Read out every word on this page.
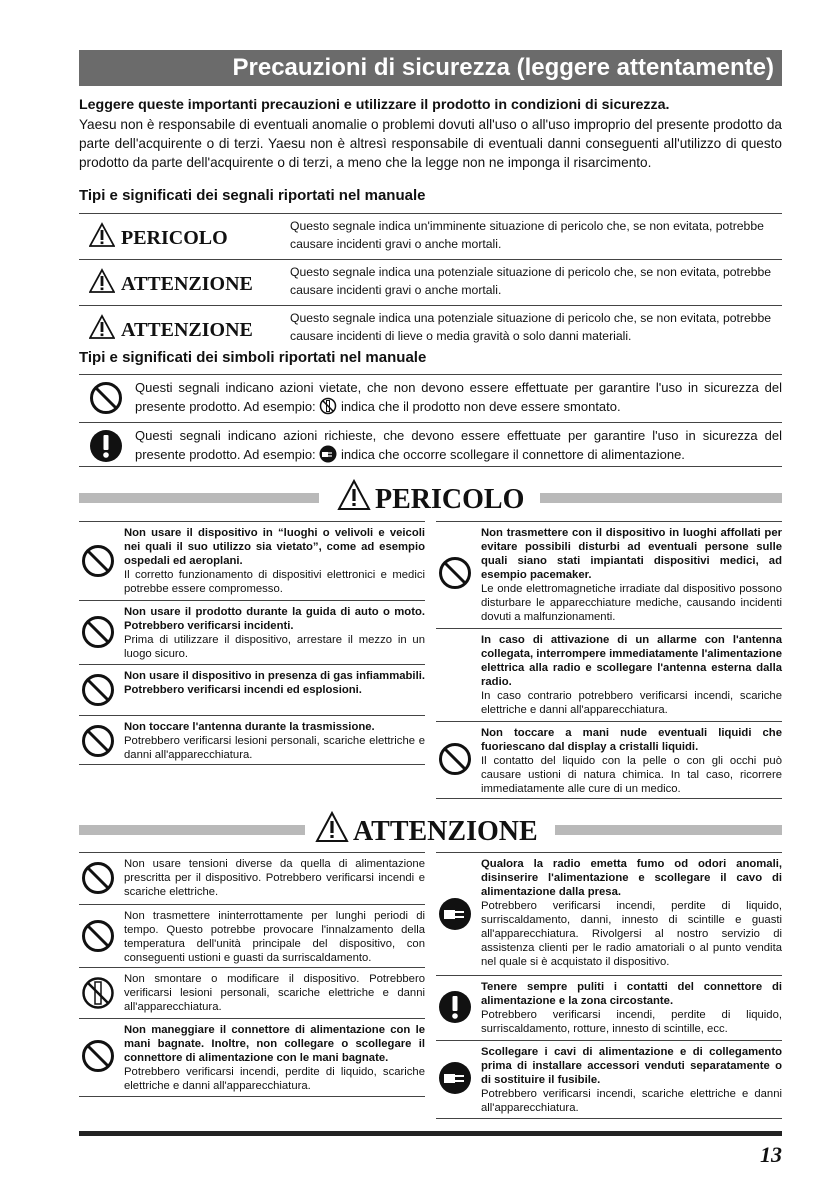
Precauzioni di sicurezza (leggere attentamente)
Leggere queste importanti precauzioni e utilizzare il prodotto in condizioni di sicurezza.
Yaesu non è responsabile di eventuali anomalie o problemi dovuti all'uso o all'uso improprio del presente prodotto da parte dell'acquirente o di terzi. Yaesu non è altresì responsabile di eventuali danni conseguenti all'utilizzo di questo prodotto da parte dell'acquirente o di terzi, a meno che la legge non ne imponga il risarcimento.
Tipi e significati dei segnali riportati nel manuale
PERICOLO	Questo segnale indica un'imminente situazione di pericolo che, se non evitata, potrebbe causare incidenti gravi o anche mortali.
ATTENZIONE	Questo segnale indica una potenziale situazione di pericolo che, se non evitata, potrebbe causare incidenti gravi o anche mortali.
ATTENZIONE	Questo segnale indica una potenziale situazione di pericolo che, se non evitata, potrebbe causare incidenti di lieve o media gravità o solo danni materiali.
Tipi e significati dei simboli riportati nel manuale
Questi segnali indicano azioni vietate, che non devono essere effettuate per garantire l'uso in sicurezza del presente prodotto. Ad esempio: indica che il prodotto non deve essere smontato.
Questi segnali indicano azioni richieste, che devono essere effettuate per garantire l'uso in sicurezza del presente prodotto. Ad esempio: indica che occorre scollegare il connettore di alimentazione.
PERICOLO
Non usare il dispositivo in “luoghi o velivoli e veicoli nei quali il suo utilizzo sia vietato”, come ad esempio ospedali ed aeroplani.
Il corretto funzionamento di dispositivi elettronici e medici potrebbe essere compromesso.
Non usare il prodotto durante la guida di auto o moto. Potrebbero verificarsi incidenti.
Prima di utilizzare il dispositivo, arrestare il mezzo in un luogo sicuro.
Non usare il dispositivo in presenza di gas infiammabili. Potrebbero verificarsi incendi ed esplosioni.
Non toccare l'antenna durante la trasmissione.
Potrebbero verificarsi lesioni personali, scariche elettriche e danni all'apparecchiatura.
Non trasmettere con il dispositivo in luoghi affollati per evitare possibili disturbi ad eventuali persone sulle quali siano stati impiantati dispositivi medici, ad esempio pacemaker.
Le onde elettromagnetiche irradiate dal dispositivo possono disturbare le apparecchiature mediche, causando incidenti dovuti a malfunzionamenti.
In caso di attivazione di un allarme con l'antenna collegata, interrompere immediatamente l'alimentazione elettrica alla radio e scollegare l'antenna esterna dalla radio.
In caso contrario potrebbero verificarsi incendi, scariche elettriche e danni all'apparecchiatura.
Non toccare a mani nude eventuali liquidi che fuoriescano dal display a cristalli liquidi.
Il contatto del liquido con la pelle o con gli occhi può causare ustioni di natura chimica. In tal caso, ricorrere immediatamente alle cure di un medico.
ATTENZIONE
Non usare tensioni diverse da quella di alimentazione prescritta per il dispositivo. Potrebbero verificarsi incendi e scariche elettriche.
Non trasmettere ininterrottamente per lunghi periodi di tempo. Questo potrebbe provocare l'innalzamento della temperatura dell'unità principale del dispositivo, con conseguenti ustioni e guasti da surriscaldamento.
Non smontare o modificare il dispositivo. Potrebbero verificarsi lesioni personali, scariche elettriche e danni all'apparecchiatura.
Non maneggiare il connettore di alimentazione con le mani bagnate. Inoltre, non collegare o scollegare il connettore di alimentazione con le mani bagnate.
Potrebbero verificarsi incendi, perdite di liquido, scariche elettriche e danni all'apparecchiatura.
Qualora la radio emetta fumo od odori anomali, disinserire l'alimentazione e scollegare il cavo di alimentazione dalla presa.
Potrebbero verificarsi incendi, perdite di liquido, surriscaldamento, danni, innesto di scintille e guasti all'apparecchiatura. Rivolgersi al nostro servizio di assistenza clienti per le radio amatoriali o al punto vendita nel quale si è acquistato il dispositivo.
Tenere sempre puliti i contatti del connettore di alimentazione e la zona circostante.
Potrebbero verificarsi incendi, perdite di liquido, surriscaldamento, rotture, innesto di scintille, ecc.
Scollegare i cavi di alimentazione e di collegamento prima di installare accessori venduti separatamente o di sostituire il fusibile.
Potrebbero verificarsi incendi, scariche elettriche e danni all'apparecchiatura.
13
